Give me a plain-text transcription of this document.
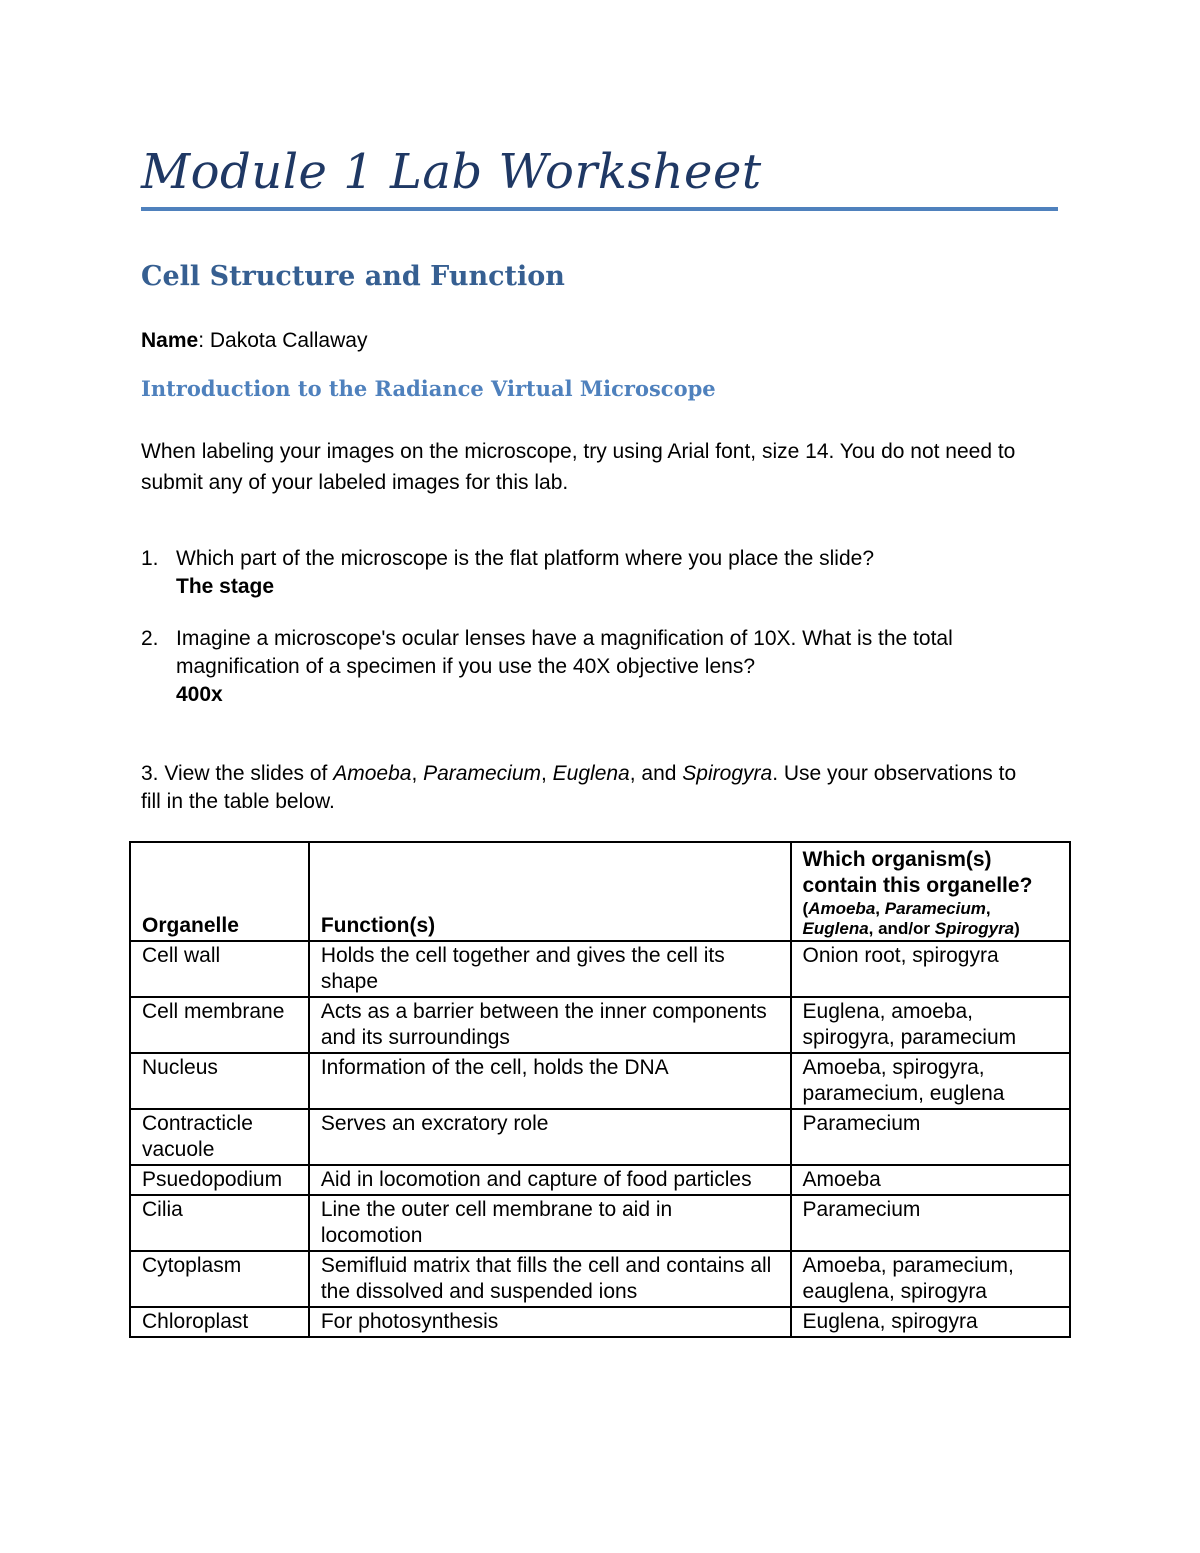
Module 1 Lab Worksheet
Cell Structure and Function

Name: Dakota Callaway

Introduction to the Radiance Virtual Microscope

When labeling your images on the microscope, try using Arial font, size 14. You do not need to submit any of your labeled images for this lab.

1. Which part of the microscope is the flat platform where you place the slide?
The stage
2. Imagine a microscope's ocular lenses have a magnification of 10X. What is the total magnification of a specimen if you use the 40X objective lens?
400x

3. View the slides of Amoeba, Paramecium, Euglena, and Spirogyra. Use your observations to fill in the table below.

Organelle	Function(s)	Which organism(s) contain this organelle?
(Amoeba, Paramecium, Euglena, and/or Spirogyra)

Cell wall	Holds the cell together and gives the cell its shape	Onion root, spirogyra
Cell membrane	Acts as a barrier between the inner components and its surroundings	Euglena, amoeba, spirogyra, paramecium
Nucleus	Information of the cell, holds the DNA	Amoeba, spirogyra, paramecium, euglena
Contracticle vacuole	Serves an excratory role	Paramecium
Psuedopodium	Aid in locomotion and capture of food particles	Amoeba
Cilia	Line the outer cell membrane to aid in locomotion	Paramecium
Cytoplasm	Semifluid matrix that fills the cell and contains all the dissolved and suspended ions	Amoeba, paramecium, eauglena, spirogyra
Chloroplast	For photosynthesis	Euglena, spirogyra
